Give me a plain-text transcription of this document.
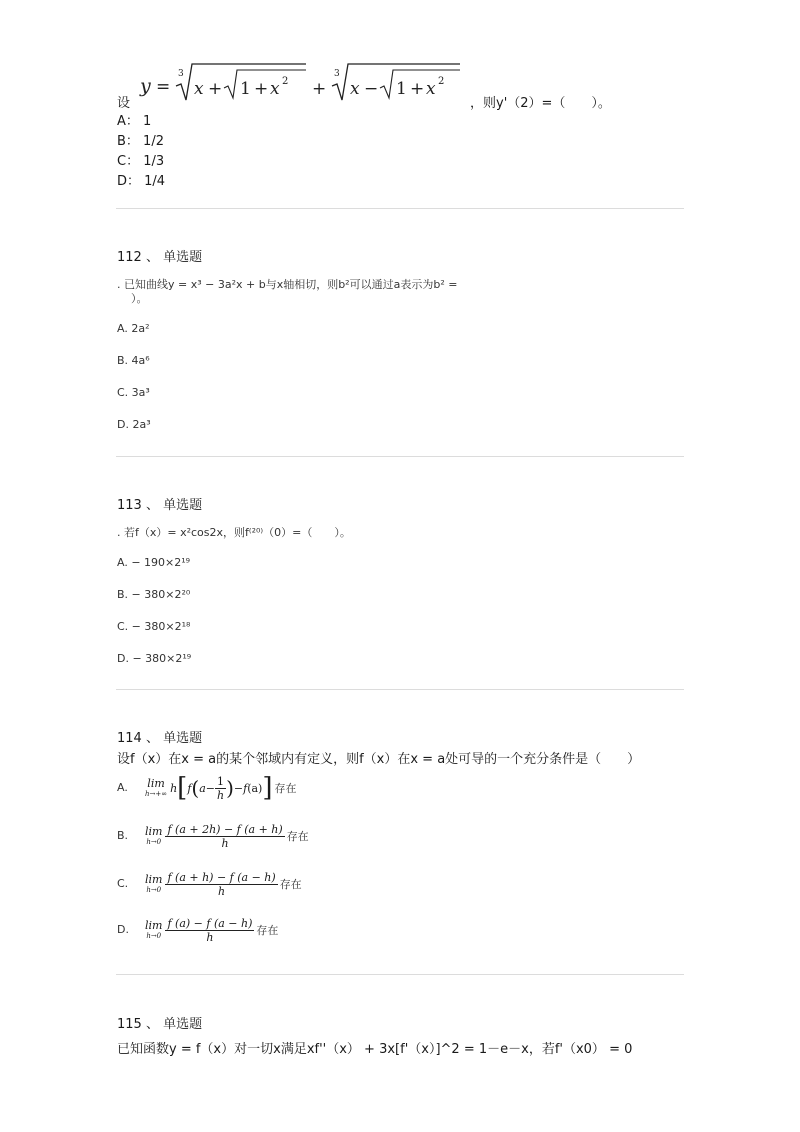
设
y =
3
x + 1 + x 2 +
3
x − 1 + x 2
，则y'（2）=（　　）。
A： 1
B： 1/2
C： 1/3
D： 1/4
112 、 单选题
. 已知曲线y = x³ − 3a²x + b与x轴相切，则b²可以通过a表示为b² =
）。
A. 2a²
B. 4a⁶
C. 3a³
D. 2a³
113 、 单选题
. 若f（x）= x²cos2x，则f⁽²⁰⁾（0）=（　　）。
A. − 190×2¹⁹
B. − 380×2²⁰
C. − 380×2¹⁸
D. − 380×2¹⁹
114 、 单选题
设f（x）在x = a的某个邻域内有定义，则f（x）在x = a处可导的一个充分条件是（　　）
A. lim
h→+∞ h [ f ( $a - \frac{1}{h}$ ) − f (a) ] 存在
B. lim
$h\to 0 \frac{f (a + 2h) - f (a + h)}{h}$ 存在
C. lim
$h\to 0 \frac{f (a + h) - f (a - h)}{h}$ 存在
D. lim
$h\to 0 \frac{f (a) - f (a - h)}{h}$ 存在
115 、 单选题
已知函数y = f（x）对一切x满足xf''（x） + 3x[f'（x）]^2 = 1－e－x，若f'（x0） = 0
